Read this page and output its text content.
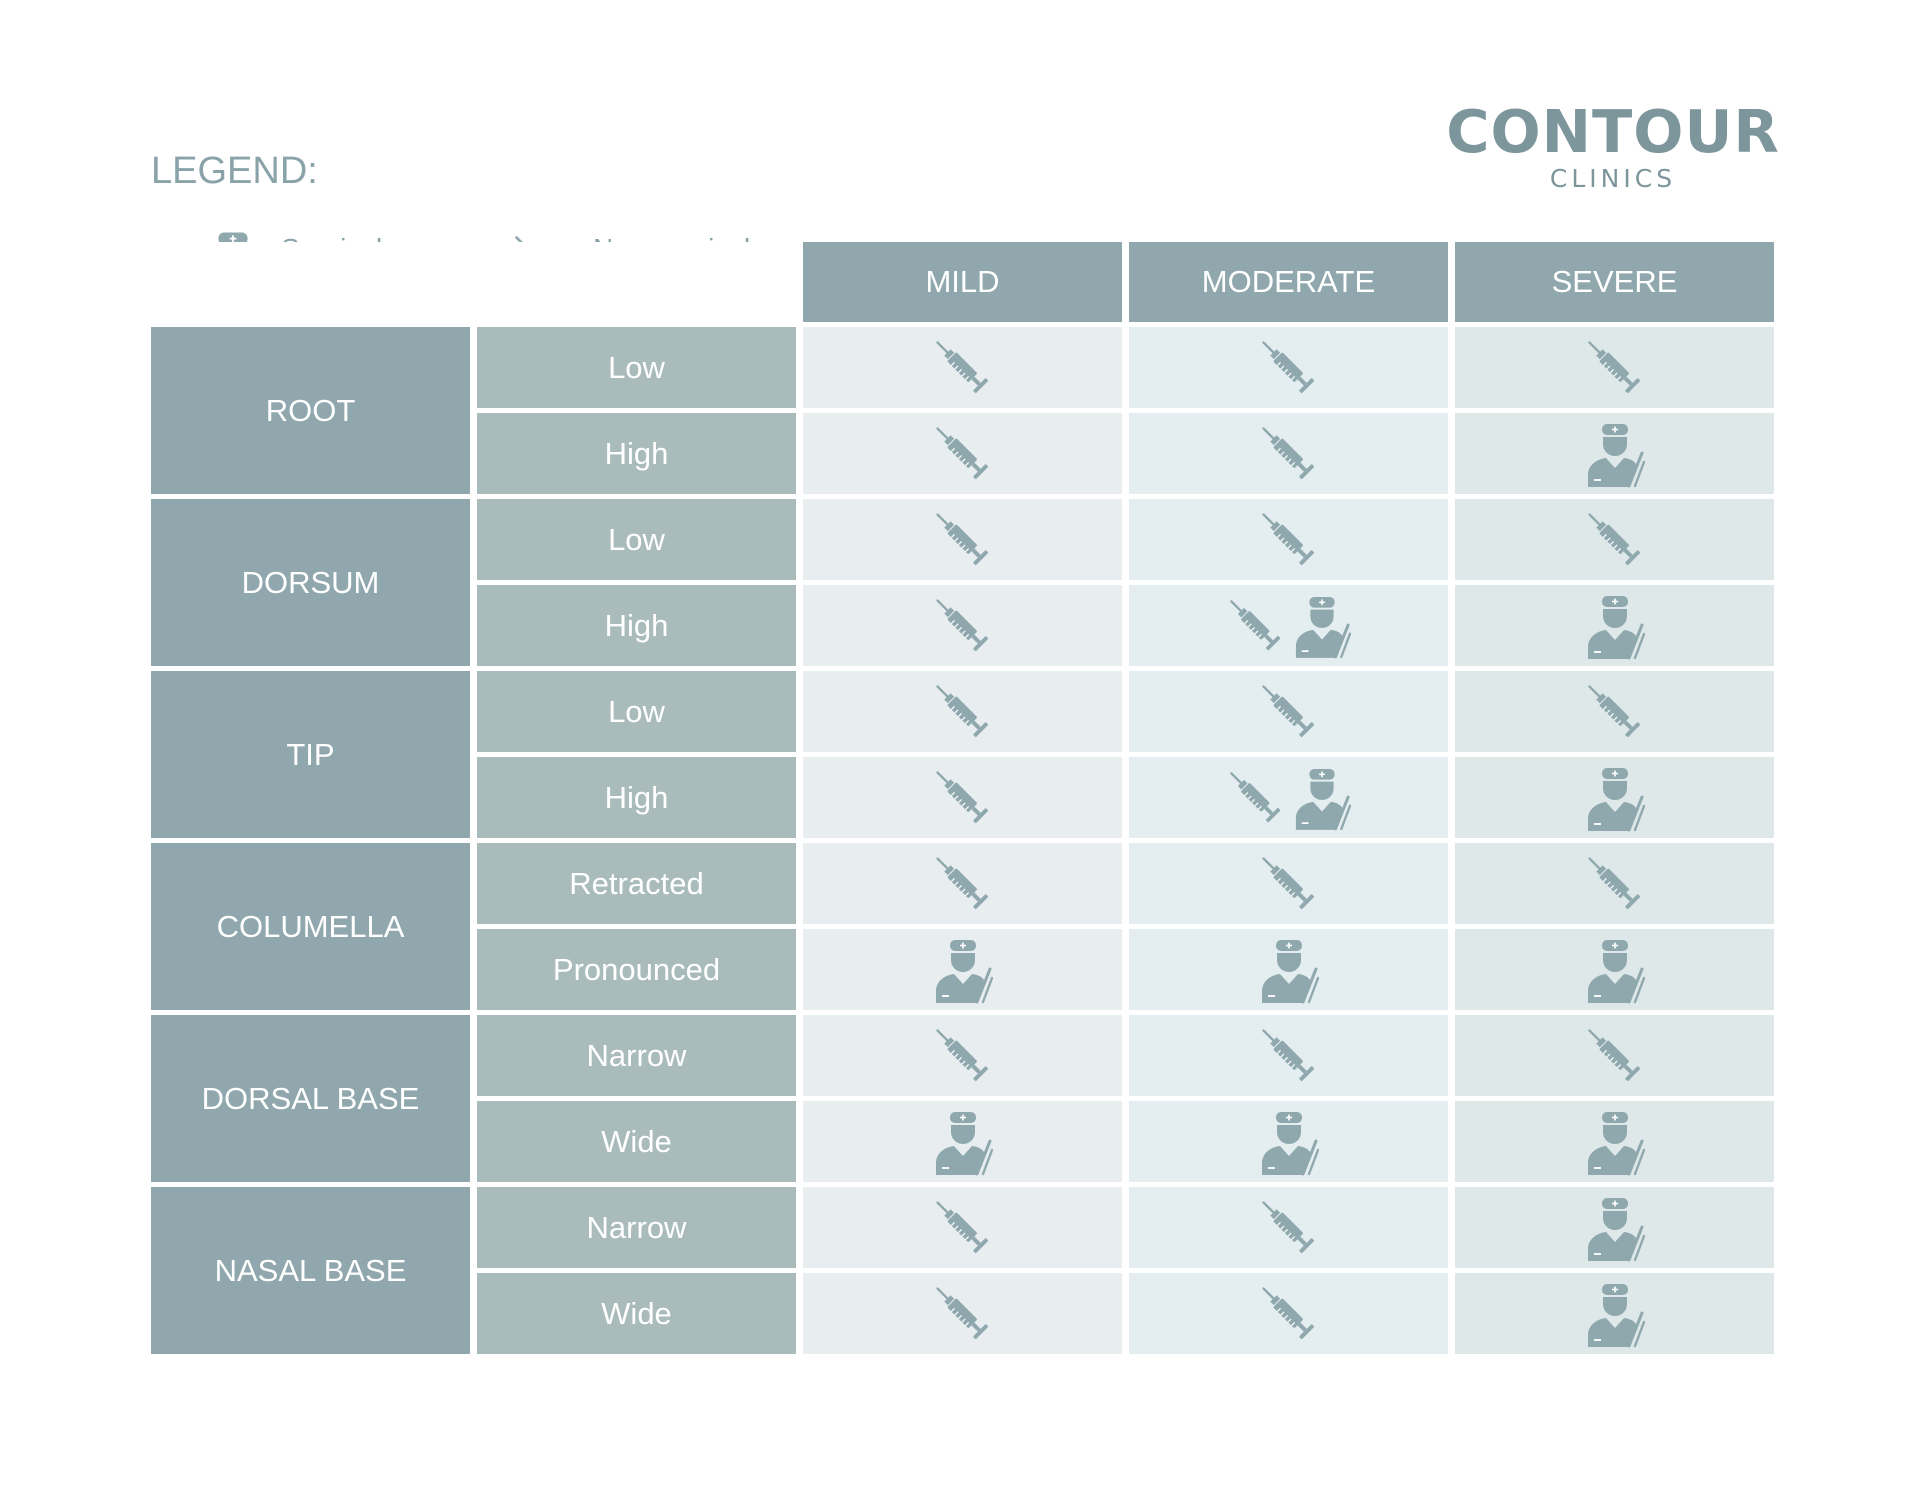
CONTOUR
CLINICS
LEGEND:

MILD	MODERATE	SEVERE
ROOT
Low
High
DORSUM
Low
High
TIP
Low
High
COLUMELLA
Retracted
Pronounced
DORSAL BASE
Narrow
Wide
NASAL BASE
Narrow
Wide
